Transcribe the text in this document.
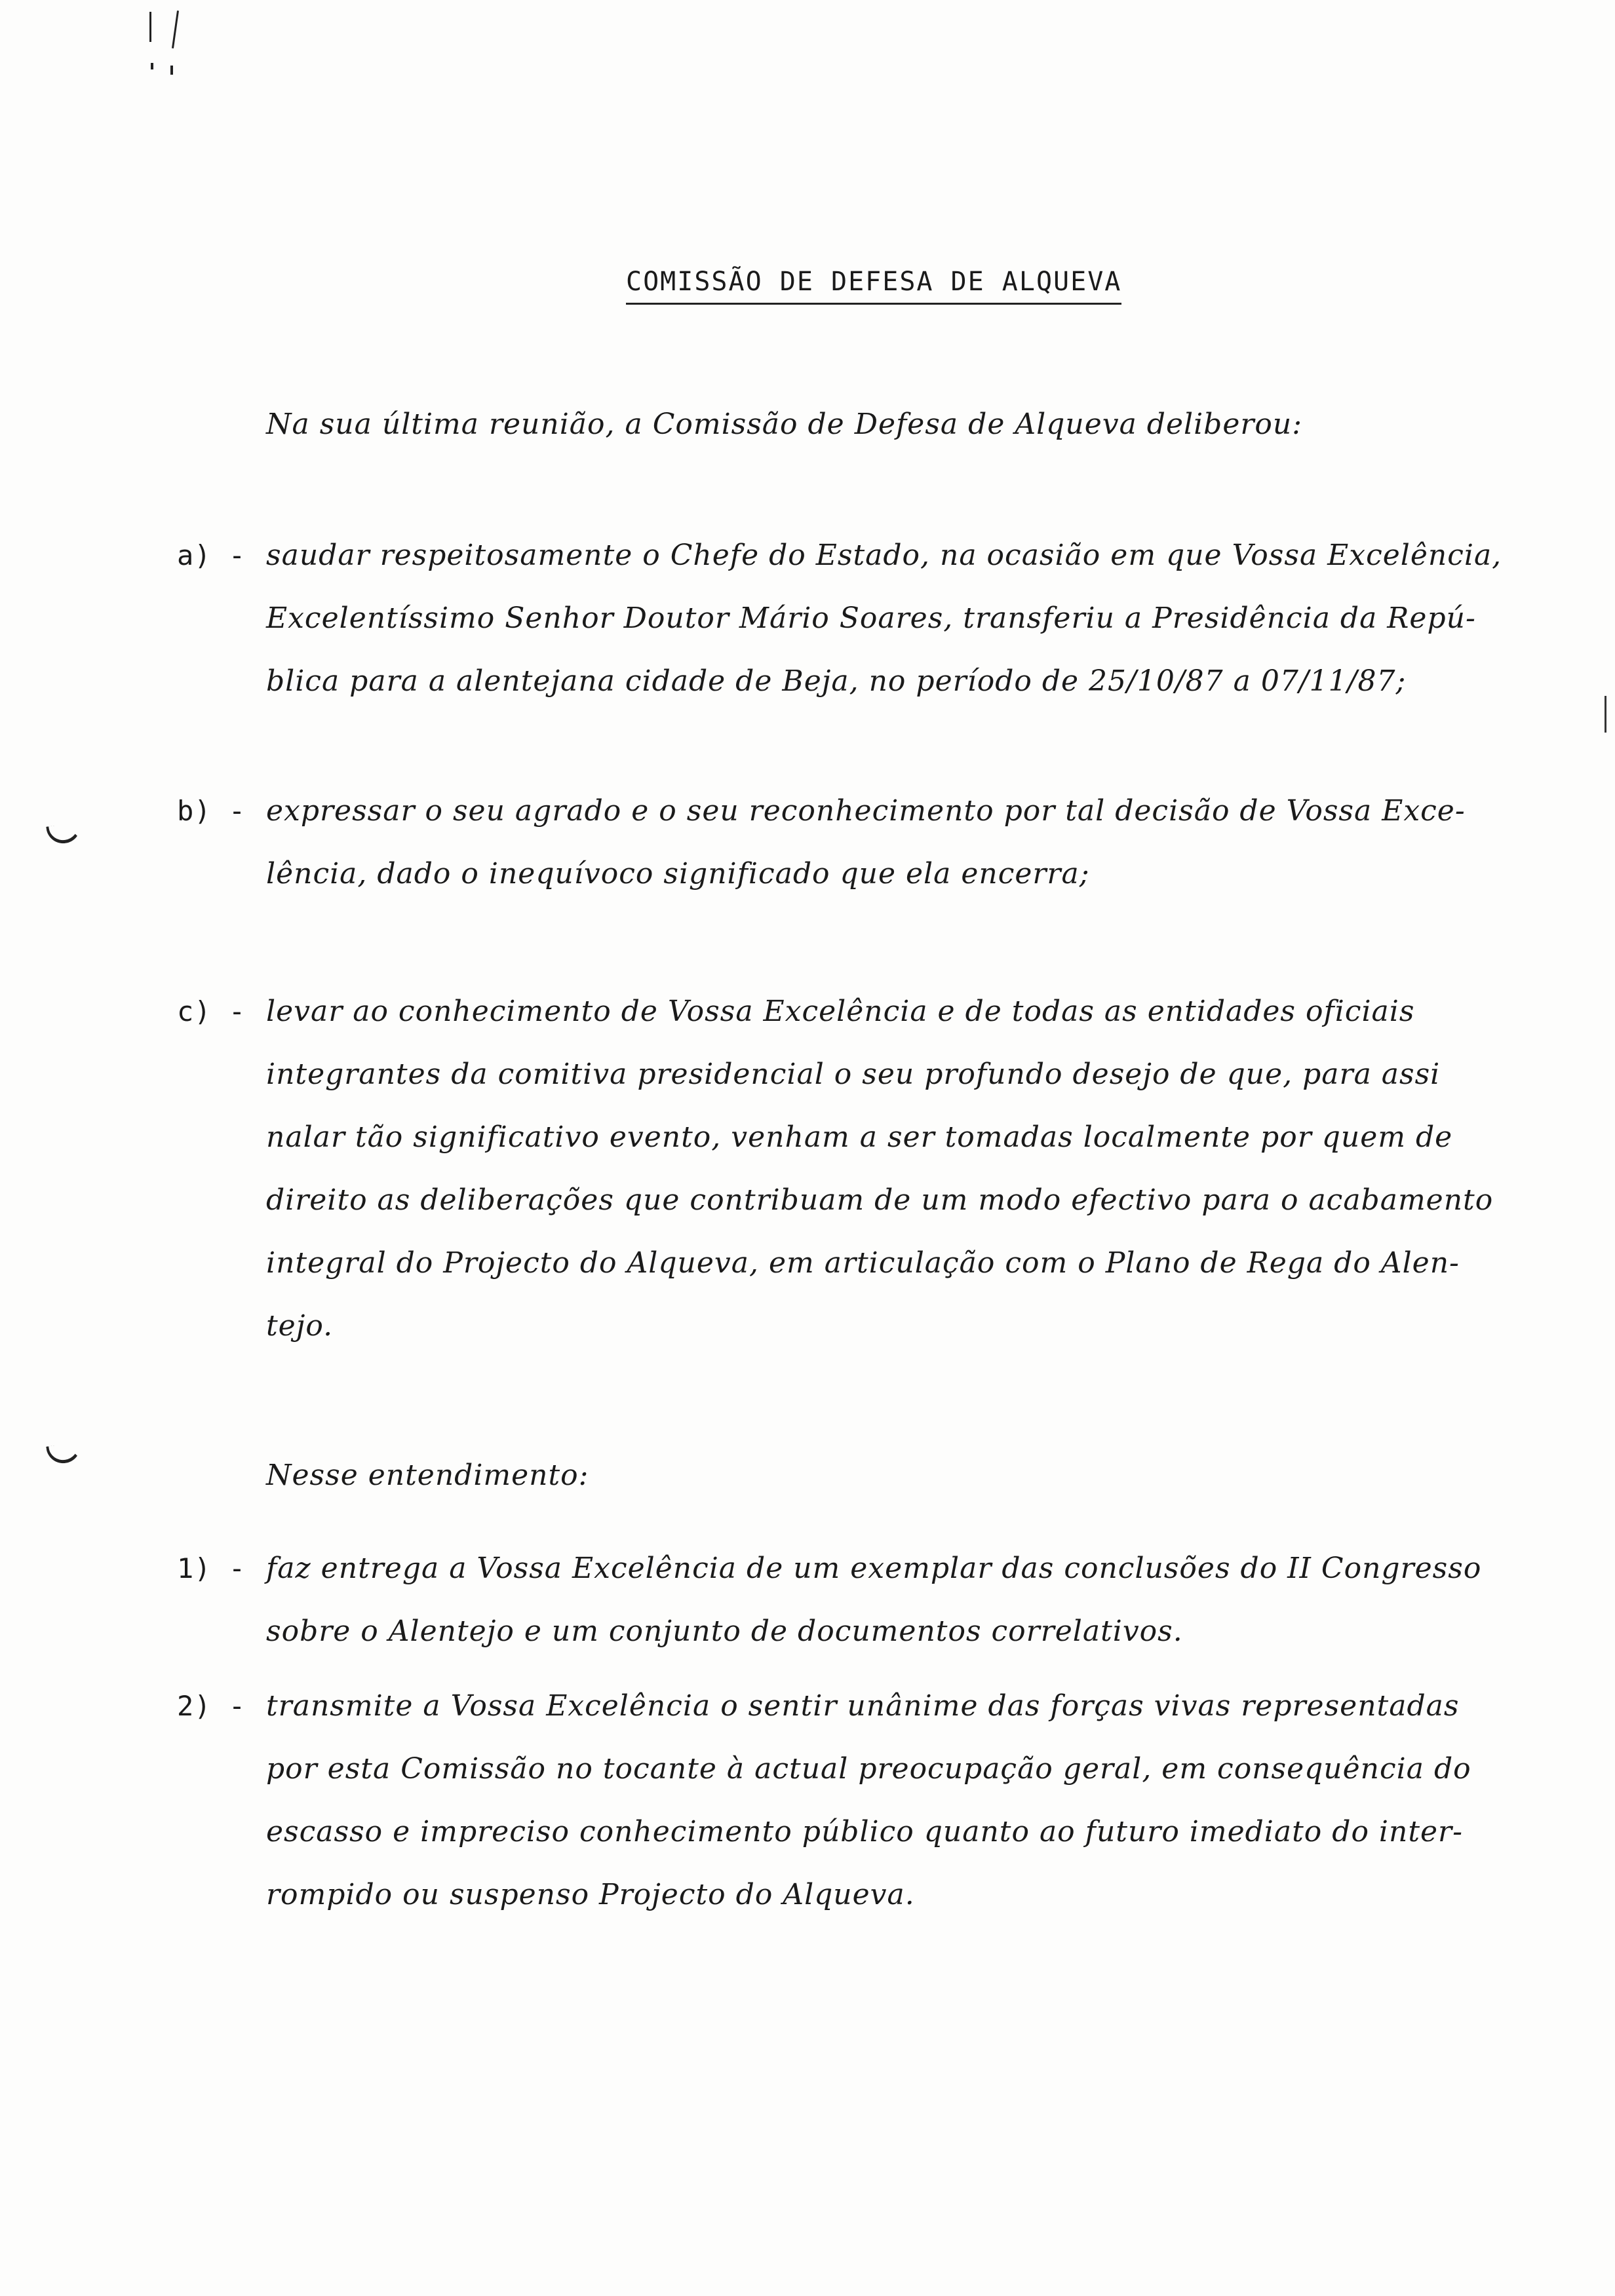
COMISSÃO DE DEFESA DE ALQUEVA
Na sua última reunião, a Comissão de Defesa de Alqueva deliberou:
a) - saudar respeitosamente o Chefe do Estado, na ocasião em que Vossa Excelência,
Excelentíssimo Senhor Doutor Mário Soares, transferiu a Presidência da Repú-
blica para a alentejana cidade de Beja, no período de 25/10/87 a 07/11/87;
b) - expressar o seu agrado e o seu reconhecimento por tal decisão de Vossa Exce-
lência, dado o inequívoco significado que ela encerra;
c) - levar ao conhecimento de Vossa Excelência e de todas as entidades oficiais
integrantes da comitiva presidencial o seu profundo desejo de que, para assi
nalar tão significativo evento, venham a ser tomadas localmente por quem de
direito as deliberações que contribuam de um modo efectivo para o acabamento
integral do Projecto do Alqueva, em articulação com o Plano de Rega do Alen-
tejo.
Nesse entendimento:
1) - faz entrega a Vossa Excelência de um exemplar das conclusões do II Congresso
sobre o Alentejo e um conjunto de documentos correlativos.
2) - transmite a Vossa Excelência o sentir unânime das forças vivas representadas
por esta Comissão no tocante à actual preocupação geral, em consequência do
escasso e impreciso conhecimento público quanto ao futuro imediato do inter-
rompido ou suspenso Projecto do Alqueva.
